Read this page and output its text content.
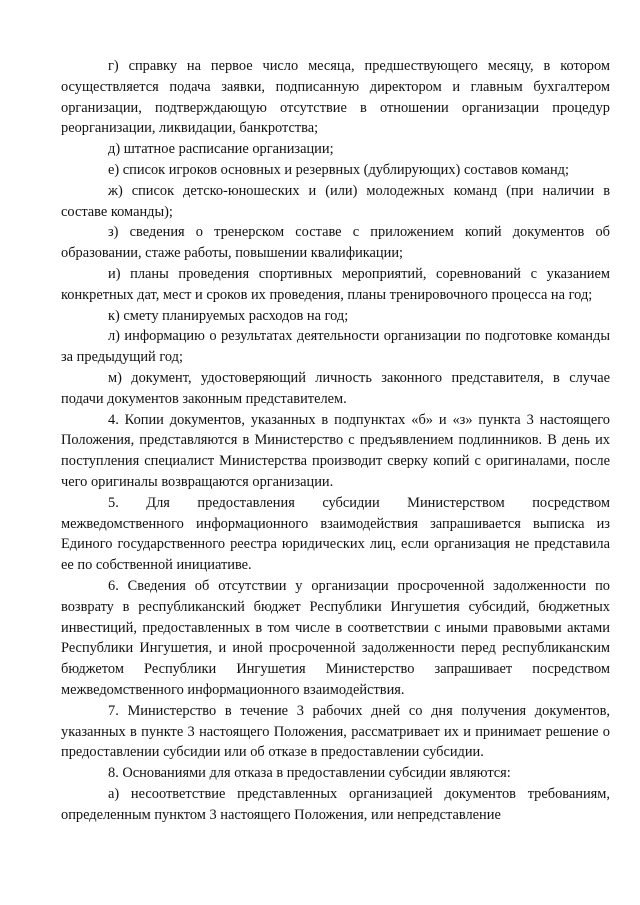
г) справку на первое число месяца, предшествующего месяцу, в котором осуществляется подача заявки, подписанную директором и главным бухгалтером организации, подтверждающую отсутствие в отношении организации процедур реорганизации, ликвидации, банкротства;

д) штатное расписание организации;

е) список игроков основных и резервных (дублирующих) составов команд;

ж) список детско-юношеских и (или) молодежных команд (при наличии в составе команды);

з) сведения о тренерском составе с приложением копий документов об образовании, стаже работы, повышении квалификации;

и) планы проведения спортивных мероприятий, соревнований с указанием конкретных дат, мест и сроков их проведения, планы тренировочного процесса на год;

к) смету планируемых расходов на год;

л) информацию о результатах деятельности организации по подготовке команды за предыдущий год;

м) документ, удостоверяющий личность законного представителя, в случае подачи документов законным представителем.

4. Копии документов, указанных в подпунктах «б» и «з» пункта 3 настоящего Положения, представляются в Министерство с предъявлением подлинников. В день их поступления специалист Министерства производит сверку копий с оригиналами, после чего оригиналы возвращаются организации.

5. Для предоставления субсидии Министерством посредством межведомственного информационного взаимодействия запрашивается выписка из Единого государственного реестра юридических лиц, если организация не представила ее по собственной инициативе.

6. Сведения об отсутствии у организации просроченной задолженности по возврату в республиканский бюджет Республики Ингушетия субсидий, бюджетных инвестиций, предоставленных в том числе в соответствии с иными правовыми актами Республики Ингушетия, и иной просроченной задолженности перед республиканским бюджетом Республики Ингушетия Министерство запрашивает посредством межведомственного информационного взаимодействия.

7. Министерство в течение 3 рабочих дней со дня получения документов, указанных в пункте 3 настоящего Положения, рассматривает их и принимает решение о предоставлении субсидии или об отказе в предоставлении субсидии.

8. Основаниями для отказа в предоставлении субсидии являются:

а) несоответствие представленных организацией документов требованиям, определенным пунктом 3 настоящего Положения, или непредставление
